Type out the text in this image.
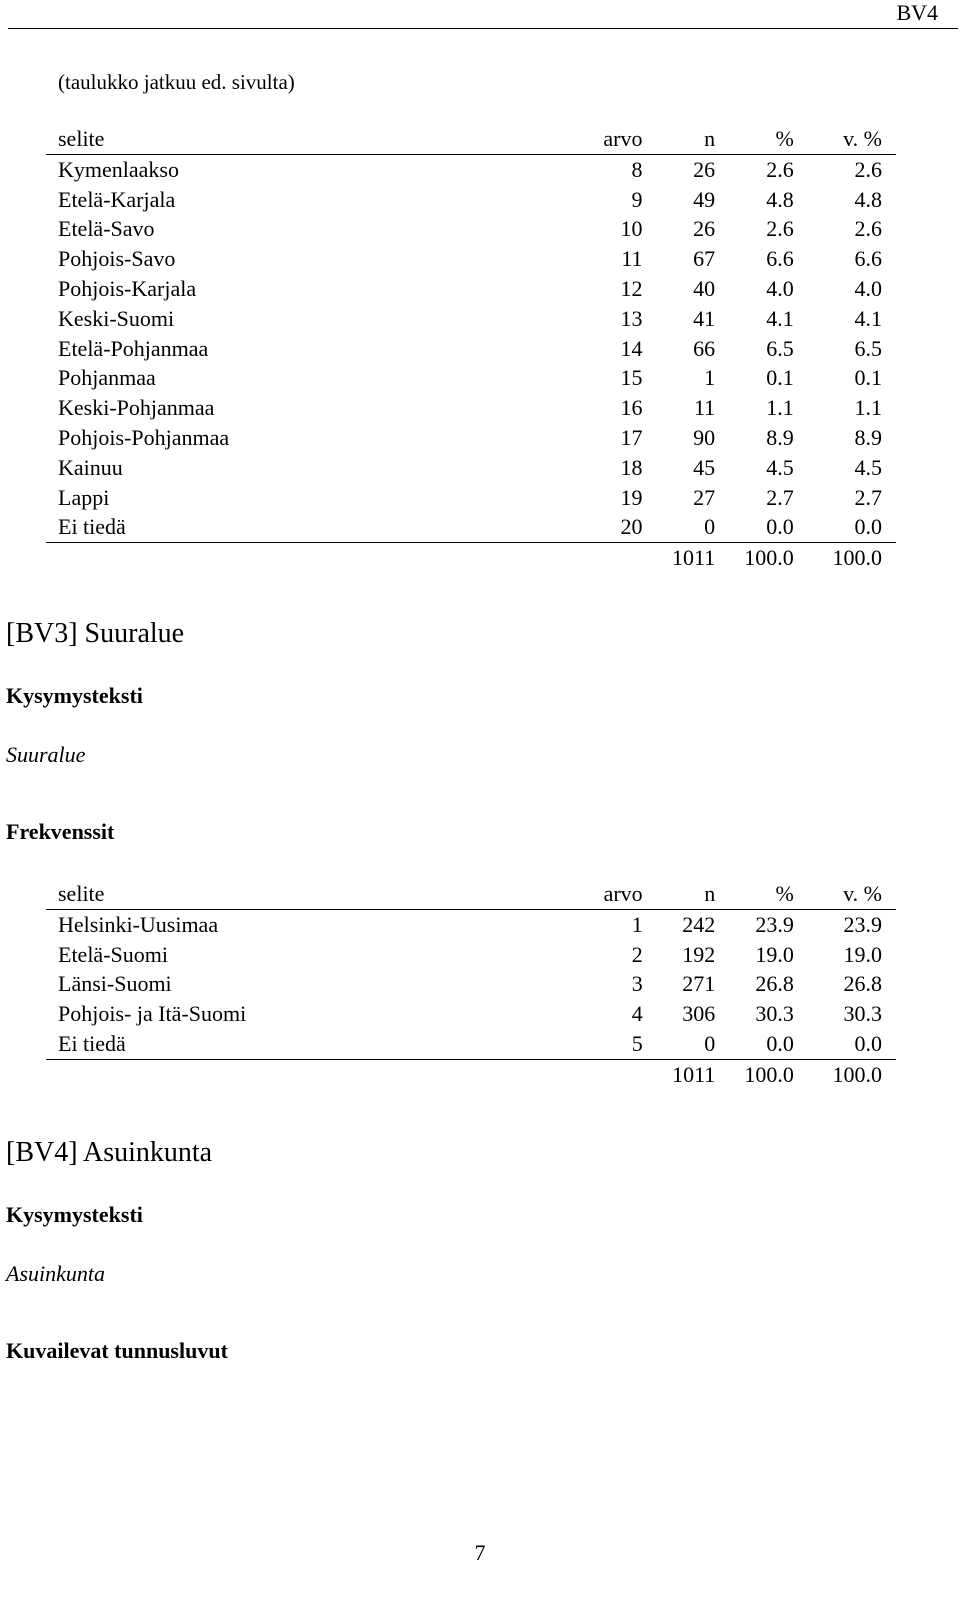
BV4
(taulukko jatkuu ed. sivulta)
selite	arvo	n	%	v. %
Kymenlaakso	8	26	2.6	2.6
Etelä-Karjala	9	49	4.8	4.8
Etelä-Savo	10	26	2.6	2.6
Pohjois-Savo	11	67	6.6	6.6
Pohjois-Karjala	12	40	4.0	4.0
Keski-Suomi	13	41	4.1	4.1
Etelä-Pohjanmaa	14	66	6.5	6.5
Pohjanmaa	15	1	0.1	0.1
Keski-Pohjanmaa	16	11	1.1	1.1
Pohjois-Pohjanmaa	17	90	8.9	8.9
Kainuu	18	45	4.5	4.5
Lappi	19	27	2.7	2.7
Ei tiedä	20	0	0.0	0.0
		1011	100.0	100.0
[BV3] Suuralue
Kysymysteksti
Suuralue
Frekvenssit
selite	arvo	n	%	v. %
Helsinki-Uusimaa	1	242	23.9	23.9
Etelä-Suomi	2	192	19.0	19.0
Länsi-Suomi	3	271	26.8	26.8
Pohjois- ja Itä-Suomi	4	306	30.3	30.3
Ei tiedä	5	0	0.0	0.0
		1011	100.0	100.0
[BV4] Asuinkunta
Kysymysteksti
Asuinkunta
Kuvailevat tunnusluvut
7
